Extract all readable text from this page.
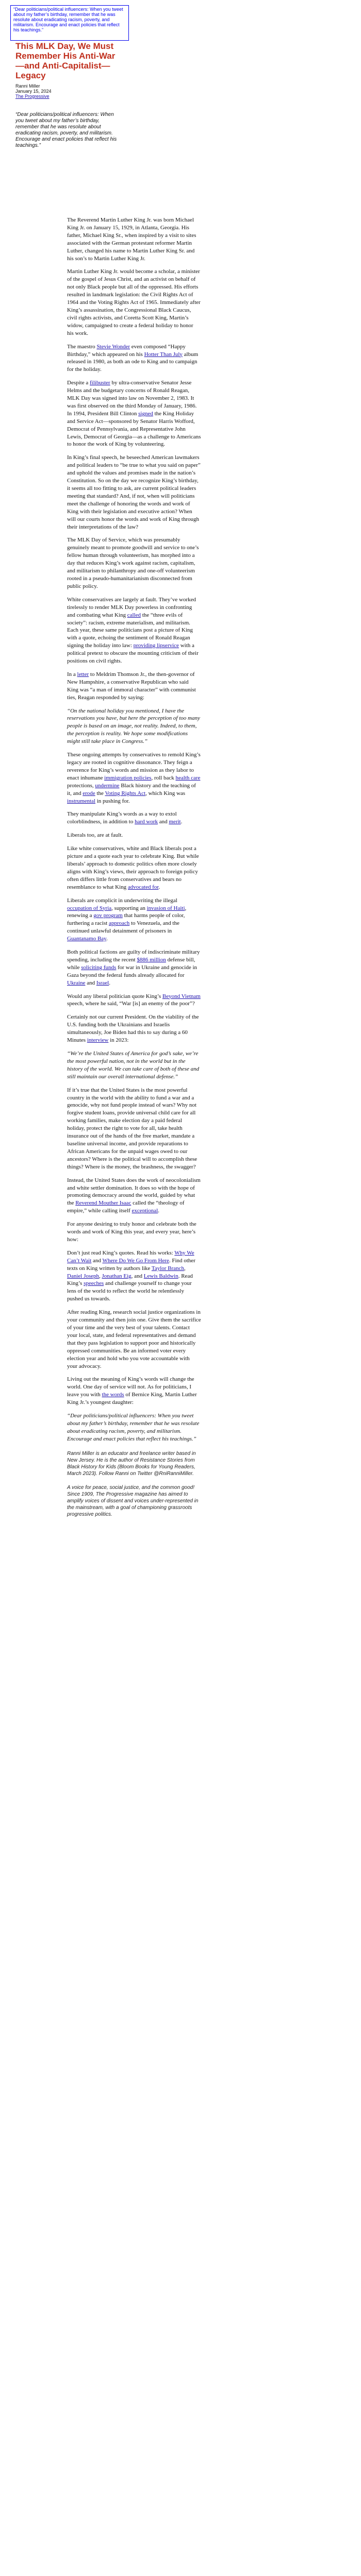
“Dear politicians/political influencers: When you tweet about my father’s birthday, remember that he was resolute about eradicating racism, poverty, and militarism. Encourage and enact policies that reflect his teachings.”
This MLK Day, We Must Remember His Anti-War—and Anti-Capitalist—Legacy
Ranni Miller
January 15, 2024
The Progressive
“Dear politicians/political influencers: When you tweet about my father’s birthday, remember that he was resolute about eradicating racism, poverty, and militarism. Encourage and enact policies that reflect his teachings.”

The Reverend Martin Luther King Jr. was born Michael King Jr. on January 15, 1929, in Atlanta, Georgia. His father, Michael King Sr., when inspired by a visit to sites associated with the German protestant reformer Martin Luther, changed his name to Martin Luther King Sr. and his son’s to Martin Luther King Jr.

Martin Luther King Jr. would become a scholar, a minister of the gospel of Jesus Christ, and an activist on behalf of not only Black people but all of the oppressed. His efforts resulted in landmark legislation: the Civil Rights Act of 1964 and the Voting Rights Act of 1965. Immediately after King’s assassination, the Congressional Black Caucus, civil rights activists, and Coretta Scott King, Martin’s widow, campaigned to create a federal holiday to honor his work.

The maestro Stevie Wonder even composed “Happy Birthday,” which appeared on his Hotter Than July album released in 1980, as both an ode to King and to campaign for the holiday.

Despite a filibuster by ultra-conservative Senator Jesse Helms and the budgetary concerns of Ronald Reagan, MLK Day was signed into law on November 2, 1983. It was first observed on the third Monday of January, 1986. In 1994, President Bill Clinton signed the King Holiday and Service Act—sponsored by Senator Harris Wofford, Democrat of Pennsylvania, and Representative John Lewis, Democrat of Georgia—as a challenge to Americans to honor the work of King by volunteering.

In King’s final speech, he beseeched American lawmakers and political leaders to “be true to what you said on paper” and uphold the values and promises made in the nation’s Constitution. So on the day we recognize King’s birthday, it seems all too fitting to ask, are current political leaders meeting that standard? And, if not, when will politicians meet the challenge of honoring the words and work of King with their legislation and executive action? When will our courts honor the words and work of King through their interpretations of the law?

The MLK Day of Service, which was presumably genuinely meant to promote goodwill and service to one’s fellow human through volunteerism, has morphed into a day that reduces King’s work against racism, capitalism, and militarism to philanthropy and one-off volunteerism rooted in a pseudo-humanitarianism disconnected from public policy.

White conservatives are largely at fault. They’ve worked tirelessly to render MLK Day powerless in confronting and combating what King called the “three evils of society”: racism, extreme materialism, and militarism. Each year, these same politicians post a picture of King with a quote, echoing the sentiment of Ronald Reagan signing the holiday into law: providing lipservice with a political pretext to obscure the mounting criticism of their positions on civil rights.

In a letter to Meldrim Thomson Jr., the then-governor of New Hampshire, a conservative Republican who said King was “a man of immoral character” with communist ties, Reagan responded by saying:

“On the national holiday you mentioned, I have the reservations you have, but here the perception of too many people is based on an image, not reality. Indeed, to them, the perception is reality. We hope some modifications might still take place in Congress.”

These ongoing attempts by conservatives to remold King’s legacy are rooted in cognitive dissonance. They feign a reverence for King’s words and mission as they labor to enact inhumane immigration policies, roll back health care protections, undermine Black history and the teaching of it, and erode the Voting Rights Act, which King was instrumental in pushing for.

They manipulate King’s words as a way to extol colorblindness, in addition to hard work and merit.

Liberals too, are at fault.

Like white conservatives, white and Black liberals post a picture and a quote each year to celebrate King. But while liberals’ approach to domestic politics often more closely aligns with King’s views, their approach to foreign policy often differs little from conservatives and bears no resemblance to what King advocated for.

Liberals are complicit in underwriting the illegal occupation of Syria, supporting an invasion of Haiti, renewing a gov program that harms people of color, furthering a racist approach to Venezuela, and the continued unlawful detainment of prisoners in Guantanamo Bay.

Both political factions are guilty of indiscriminate military spending, including the recent $886 million defense bill, while soliciting funds for war in Ukraine and genocide in Gaza beyond the federal funds already allocated for Ukraine and Israel.

Would any liberal politician quote King’s Beyond Vietnam speech, where he said, “War [is] an enemy of the poor”?

Certainly not our current President. On the viability of the U.S. funding both the Ukrainians and Israelis simultaneously, Joe Biden had this to say during a 60 Minutes interview in 2023:

“We’re the United States of America for god’s sake, we’re the most powerful nation, not in the world but in the history of the world. We can take care of both of these and still maintain our overall international defense.”

If it’s true that the United States is the most powerful country in the world with the ability to fund a war and a genocide, why not fund people instead of wars? Why not forgive student loans, provide universal child care for all working families, make election day a paid federal holiday, protect the right to vote for all, take health insurance out of the hands of the free market, mandate a baseline universal income, and provide reparations to African Americans for the unpaid wages owed to our ancestors? Where is the political will to accomplish these things? Where is the money, the brashness, the swagger?

Instead, the United States does the work of neocolonialism and white settler domination. It does so with the hope of promoting democracy around the world, guided by what the Reverend Mouther Isaac called the “theology of empire,” while calling itself exceptional.

For anyone desiring to truly honor and celebrate both the words and work of King this year, and every year, here’s how:

Don’t just read King’s quotes. Read his works: Why We Can’t Wait and Where Do We Go From Here. Find other texts on King written by authors like Taylor Branch, Daniel Joseph, Jonathan Eig, and Lewis Baldwin. Read King’s speeches and challenge yourself to change your lens of the world to reflect the world he relentlessly pushed us towards.

After reading King, research social justice organizations in your community and then join one. Give them the sacrifice of your time and the very best of your talents. Contact your local, state, and federal representatives and demand that they pass legislation to support poor and historically oppressed communities. Be an informed voter every election year and hold who you vote accountable with your advocacy.

Living out the meaning of King’s words will change the world. One day of service will not. As for politicians, I leave you with the words of Bernice King, Martin Luther King Jr.’s youngest daughter:

“Dear politicians/political influencers: When you tweet about my father’s birthday, remember that he was resolute about eradicating racism, poverty, and militarism. Encourage and enact policies that reflect his teachings.”

Ranni Miller is an educator and freelance writer based in New Jersey. He is the author of Resistance Stories from Black History for Kids (Bloom Books for Young Readers, March 2023). Follow Ranni on Twitter @RniRanniMiller.

A voice for peace, social justice, and the common good! Since 1909, The Progressive magazine has aimed to amplify voices of dissent and voices under-represented in the mainstream, with a goal of championing grassroots progressive politics.
